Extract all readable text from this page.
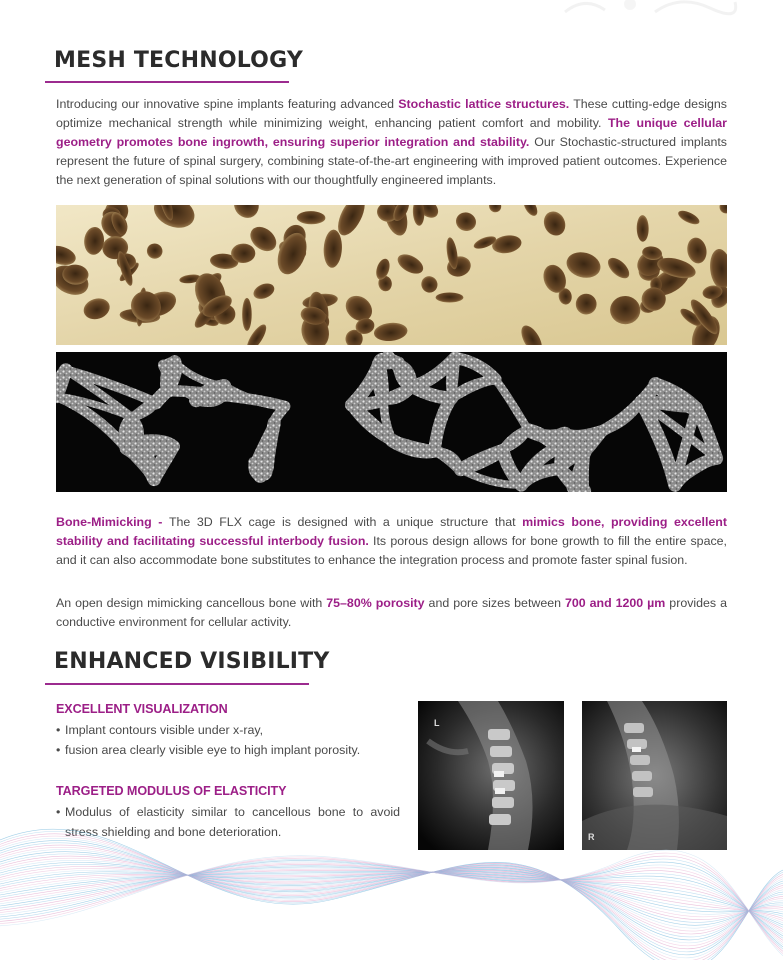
MESH TECHNOLOGY

Introducing our innovative spine implants featuring advanced Stochastic lattice structures. These cutting-edge designs optimize mechanical strength while minimizing weight, enhancing patient comfort and mobility. The unique cellular geometry promotes bone ingrowth, ensuring superior integration and stability. Our Stochastic-structured implants represent the future of spinal surgery, combining state-of-the-art engineering with improved patient outcomes. Experience the next generation of spinal solutions with our thoughtfully engineered implants.

Bone-Mimicking - The 3D FLX cage is designed with a unique structure that mimics bone, providing excellent stability and facilitating successful interbody fusion. Its porous design allows for bone growth to fill the entire space, and it can also accommodate bone substitutes to enhance the integration process and promote faster spinal fusion.

An open design mimicking cancellous bone with 75–80% porosity and pore sizes between 700 and 1200 µm provides a conductive environment for cellular activity.

ENHANCED VISIBILITY
EXCELLENT VISUALIZATION
• Implant contours visible under x-ray,
• fusion area clearly visible eye to high implant porosity.
TARGETED MODULUS OF ELASTICITY
• Modulus of elasticity similar to cancellous bone to avoid stress shielding and bone deterioration.
L
R
